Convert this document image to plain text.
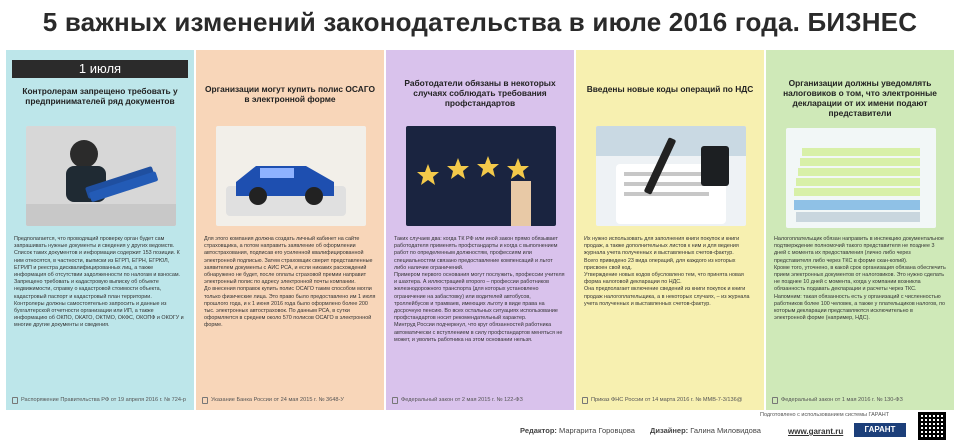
5 важных изменений законодательства в июле 2016 года. БИЗНЕС
1 июля
Контролерам запрещено требовать у предпринимателей ряд документов
Предполагается, что проводящий проверку орган будет сам запрашивать нужные документы и сведения у других ведомств. Список таких документов и информации содержит 153 позиции. К ним относятся, в частности, выписки из ЕГРП, ЕГРН, ЕГРЮЛ, ЕГРИП и реестра дисквалифицированных лиц, а также информация об отсутствии задолженности по налогам и взносам.
Запрещено требовать и кадастровую выписку об объекте недвижимости, справку о кадастровой стоимости объекта, кадастровый паспорт и кадастровый план территории.
Контролеры должны самостоятельно запросить и данные из бухгалтерской отчетности организации или ИП, а также информацию об ОКПО, ОКАТО, ОКТМО, ОКФС, ОКОПФ и ОКОГУ и многие другие документы и сведения.
Распоряжение Правительства РФ от 19 апреля 2016 г. № 724-р
Организации могут купить полис ОСАГО в электронной форме
Для этого компания должна создать личный кабинет на сайте страховщика, а потом направить заявление об оформлении автострахования, подписав его усиленной квалифицированной электронной подписью. Затем страховщик сверит представленные заявителем документы с АИС РСА, и если никаких расхождений обнаружено не будет, после оплаты страховой премии направит электронный полис по адресу электронной почты компании.
До внесения поправок купить полис ОСАГО таким способом могли только физические лица. Это право было предоставлено им 1 июля прошлого года, и к 1 июня 2016 года было оформлено более 200 тыс. электронных автостраховок. По данным РСА, в сутки оформляется в среднем около 570 полисов ОСАГО в электронной форме.
Указание Банка России от 24 мая 2015 г. № 3648-У
Работодатели обязаны в некоторых случаях соблюдать требования профстандартов
Таких случаев два: когда ТК РФ или иной закон прямо обязывает работодателя применять профстандарты и когда с выполнением работ по определенным должностям, профессиям или специальностям связано предоставление компенсаций и льгот либо наличие ограничений.
Примером первого основания могут послужить, профессии учителя и шахтера. А иллюстрацией второго – профессии работников железнодорожного транспорта (для которых установлено ограничение на забастовку) или водителей автобусов, троллейбусов и трамваев, имеющих льготу в виде права на досрочную пенсию. Во всех остальных ситуациях использование профстандартов носит рекомендательный характер.
Минтруд России подчеркнул, что круг обязанностей работника автоматически с вступлением в силу профстандартов меняться не может, и уволить работника на этом основании нельзя.
Федеральный закон от 2 мая 2015 г. № 122-ФЗ
Введены новые коды операций по НДС
Их нужно использовать для заполнения книги покупок и книги продаж, а также дополнительных листов к ним и для ведения журнала учета полученных и выставленных счетов-фактур.
Всего приведено 23 вида операций, для каждого из которых присвоен свой код.
Утверждение новых кодов обусловлено тем, что принята новая форма налоговой декларации по НДС.
Она предполагает включение сведений из книги покупок и книги продаж налогоплательщика, а в некоторых случаях, – из журнала учета полученных и выставленных счетов-фактур.
Приказ ФНС России от 14 марта 2016 г. № ММВ-7-3/136@
Организации должны уведомлять налоговиков о том, что электронные декларации от их имени подают представители
Налогоплательщик обязан направить в инспекцию документальное подтверждение полномочий такого представителя не позднее 3 дней с момента их предоставления (лично либо через представителя либо через ТКС в форме скан-копий).
Кроме того, уточнено, в какой срок организация обязана обеспечить прием электронных документов от налоговиков. Это нужно сделать не позднее 10 дней с момента, когда у компании возникла обязанность подавать декларации и расчеты через ТКС.
Напомним: такая обязанность есть у организаций с численностью работников более 100 человек, а также у плательщиков налогов, по которым декларации представляются исключительно в электронной форме (например, НДС).
Федеральный закон от 1 мая 2016 г. № 130-ФЗ
Редактор: Маргарита Горовцова Дизайнер: Галина Миловидова
Подготовлено с использованием системы ГАРАНТ
www.garant.ru	ГАРАНТ
